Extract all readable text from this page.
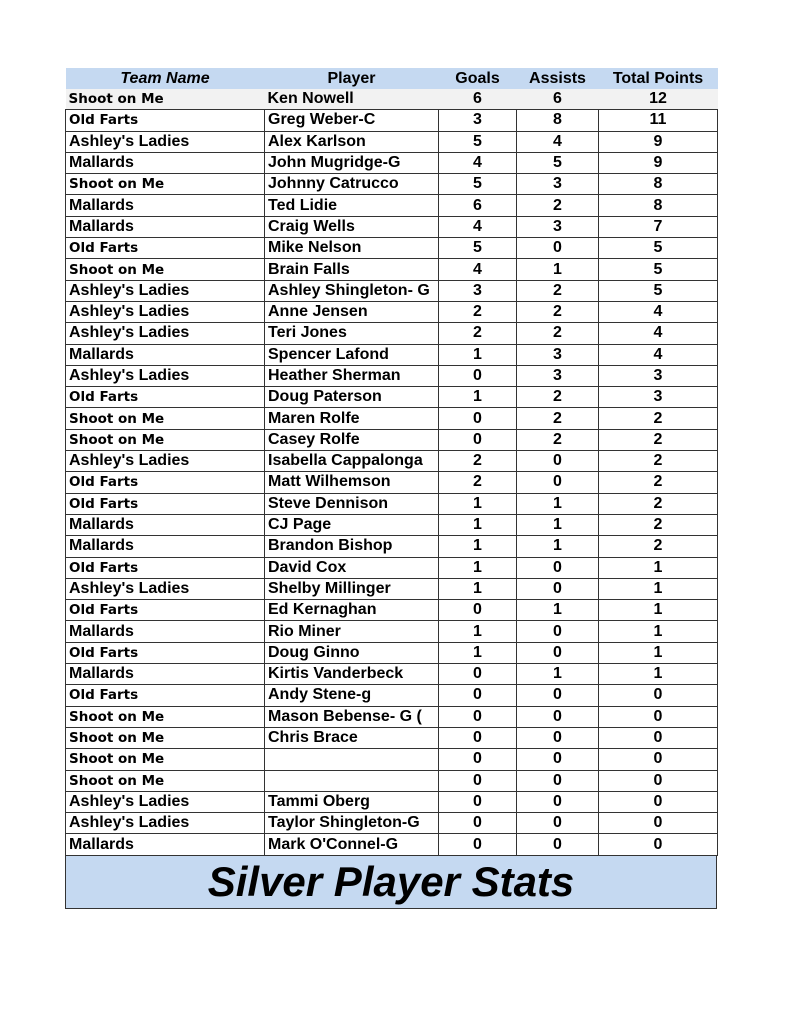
Team Name	Player	Goals	Assists	Total Points
Shoot on Me	Ken Nowell	6	6	12
Old Farts	Greg Weber-C	3	8	11
Ashley's Ladies	Alex Karlson	5	4	9
Mallards	John Mugridge-G	4	5	9
Shoot on Me	Johnny Catrucco	5	3	8
Mallards	Ted Lidie	6	2	8
Mallards	Craig Wells	4	3	7
Old Farts	Mike Nelson	5	0	5
Shoot on Me	Brain Falls	4	1	5
Ashley's Ladies	Ashley Shingleton- G	3	2	5
Ashley's Ladies	Anne Jensen	2	2	4
Ashley's Ladies	Teri Jones	2	2	4
Mallards	Spencer Lafond	1	3	4
Ashley's Ladies	Heather Sherman	0	3	3
Old Farts	Doug Paterson	1	2	3
Shoot on Me	Maren Rolfe	0	2	2
Shoot on Me	Casey Rolfe	0	2	2
Ashley's Ladies	Isabella Cappalonga	2	0	2
Old Farts	Matt Wilhemson	2	0	2
Old Farts	Steve Dennison	1	1	2
Mallards	CJ Page	1	1	2
Mallards	Brandon Bishop	1	1	2
Old Farts	David Cox	1	0	1
Ashley's Ladies	Shelby Millinger	1	0	1
Old Farts	Ed Kernaghan	0	1	1
Mallards	Rio Miner	1	0	1
Old Farts	Doug Ginno	1	0	1
Mallards	Kirtis Vanderbeck	0	1	1
Old Farts	Andy Stene-g	0	0	0
Shoot on Me	Mason Bebense- G (	0	0	0
Shoot on Me	Chris Brace	0	0	0
Shoot on Me		0	0	0
Shoot on Me		0	0	0
Ashley's Ladies	Tammi Oberg	0	0	0
Ashley's Ladies	Taylor Shingleton-G	0	0	0
Mallards	Mark O'Connel-G	0	0	0
Silver Player Stats
